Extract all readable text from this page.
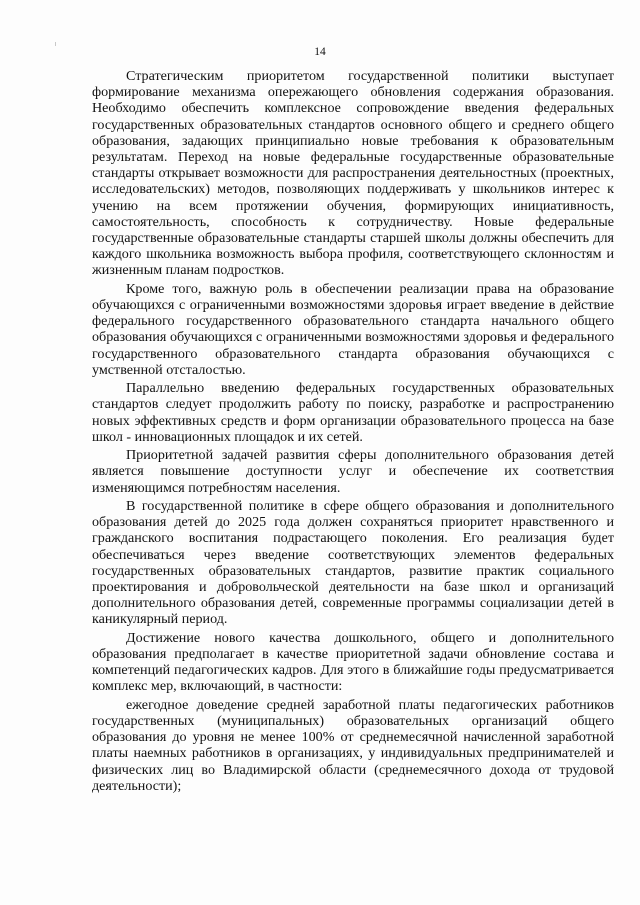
14

Стратегическим приоритетом государственной политики выступает формирование механизма опережающего обновления содержания образования. Необходимо обеспечить комплексное сопровождение введения федеральных государственных образовательных стандартов основного общего и среднего общего образования, задающих принципиально новые требования к образовательным результатам. Переход на новые федеральные государственные образовательные стандарты открывает возможности для распространения деятельностных (проектных, исследовательских) методов, позволяющих поддерживать у школьников интерес к учению на всем протяжении обучения, формирующих инициативность, самостоятельность, способность к сотрудничеству. Новые федеральные государственные образовательные стандарты старшей школы должны обеспечить для каждого школьника возможность выбора профиля, соответствующего склонностям и жизненным планам подростков.

Кроме того, важную роль в обеспечении реализации права на образование обучающихся с ограниченными возможностями здоровья играет введение в действие федерального государственного образовательного стандарта начального общего образования обучающихся с ограниченными возможностями здоровья и федерального государственного образовательного стандарта образования обучающихся с умственной отсталостью.

Параллельно введению федеральных государственных образовательных стандартов следует продолжить работу по поиску, разработке и распространению новых эффективных средств и форм организации образовательного процесса на базе школ - инновационных площадок и их сетей.

Приоритетной задачей развития сферы дополнительного образования детей является повышение доступности услуг и обеспечение их соответствия изменяющимся потребностям населения.

В государственной политике в сфере общего образования и дополнительного образования детей до 2025 года должен сохраняться приоритет нравственного и гражданского воспитания подрастающего поколения. Его реализация будет обеспечиваться через введение соответствующих элементов федеральных государственных образовательных стандартов, развитие практик социального проектирования и добровольческой деятельности на базе школ и организаций дополнительного образования детей, современные программы социализации детей в каникулярный период.

Достижение нового качества дошкольного, общего и дополнительного образования предполагает в качестве приоритетной задачи обновление состава и компетенций педагогических кадров. Для этого в ближайшие годы предусматривается комплекс мер, включающий, в частности:

ежегодное доведение средней заработной платы педагогических работников государственных (муниципальных) образовательных организаций общего образования до уровня не менее 100% от среднемесячной начисленной заработной платы наемных работников в организациях, у индивидуальных предпринимателей и физических лиц во Владимирской области (среднемесячного дохода от трудовой деятельности);
